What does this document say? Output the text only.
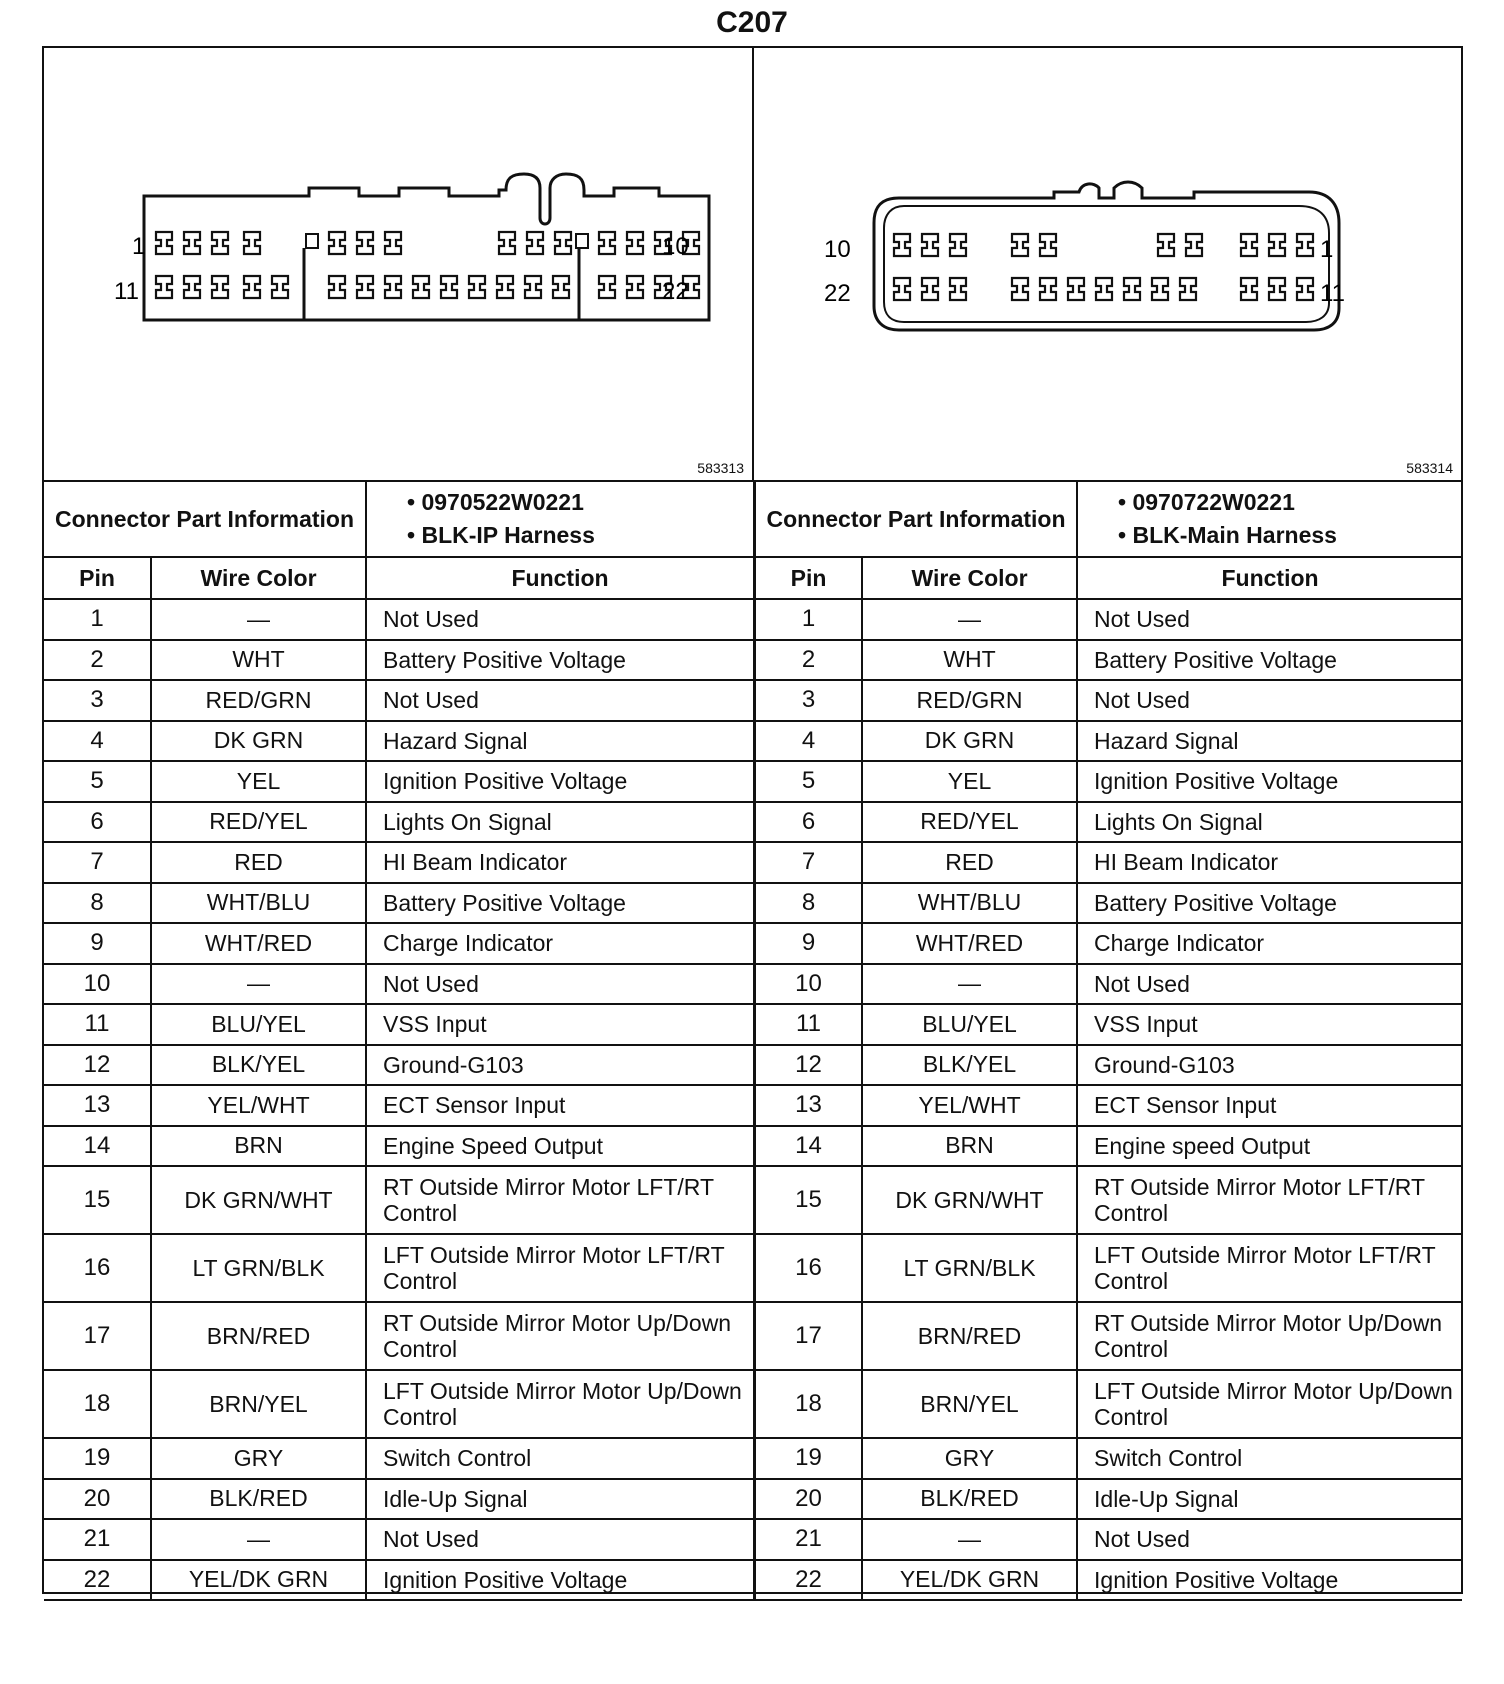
C207
1
11
10
22
583313
10
22
1
11
583314
Connector Part Information		• 0970522W0221
• BLK-IP Harness

Pin	Wire Color	Function
1	—	Not Used
2	WHT	Battery Positive Voltage
3	RED/GRN	Not Used
4	DK GRN	Hazard Signal
5	YEL	Ignition Positive Voltage
6	RED/YEL	Lights On Signal
7	RED	HI Beam Indicator
8	WHT/BLU	Battery Positive Voltage
9	WHT/RED	Charge Indicator
10	—	Not Used
11	BLU/YEL	VSS Input
12	BLK/YEL	Ground-G103
13	YEL/WHT	ECT Sensor Input
14	BRN	Engine Speed Output
15	DK GRN/WHT	RT Outside Mirror Motor LFT/RT Control
16	LT GRN/BLK	LFT Outside Mirror Motor LFT/RT Control
17	BRN/RED	RT Outside Mirror Motor Up/Down Control
18	BRN/YEL	LFT Outside Mirror Motor Up/Down Control
19	GRY	Switch Control
20	BLK/RED	Idle-Up Signal
21	—	Not Used
22	YEL/DK GRN	Ignition Positive Voltage
Connector Part Information		• 0970722W0221
• BLK-Main Harness

Pin	Wire Color	Function
1	—	Not Used
2	WHT	Battery Positive Voltage
3	RED/GRN	Not Used
4	DK GRN	Hazard Signal
5	YEL	Ignition Positive Voltage
6	RED/YEL	Lights On Signal
7	RED	HI Beam Indicator
8	WHT/BLU	Battery Positive Voltage
9	WHT/RED	Charge Indicator
10	—	Not Used
11	BLU/YEL	VSS Input
12	BLK/YEL	Ground-G103
13	YEL/WHT	ECT Sensor Input
14	BRN	Engine speed Output
15	DK GRN/WHT	RT Outside Mirror Motor LFT/RT Control
16	LT GRN/BLK	LFT Outside Mirror Motor LFT/RT Control
17	BRN/RED	RT Outside Mirror Motor Up/Down Control
18	BRN/YEL	LFT Outside Mirror Motor Up/Down Control
19	GRY	Switch Control
20	BLK/RED	Idle-Up Signal
21	—	Not Used
22	YEL/DK GRN	Ignition Positive Voltage
